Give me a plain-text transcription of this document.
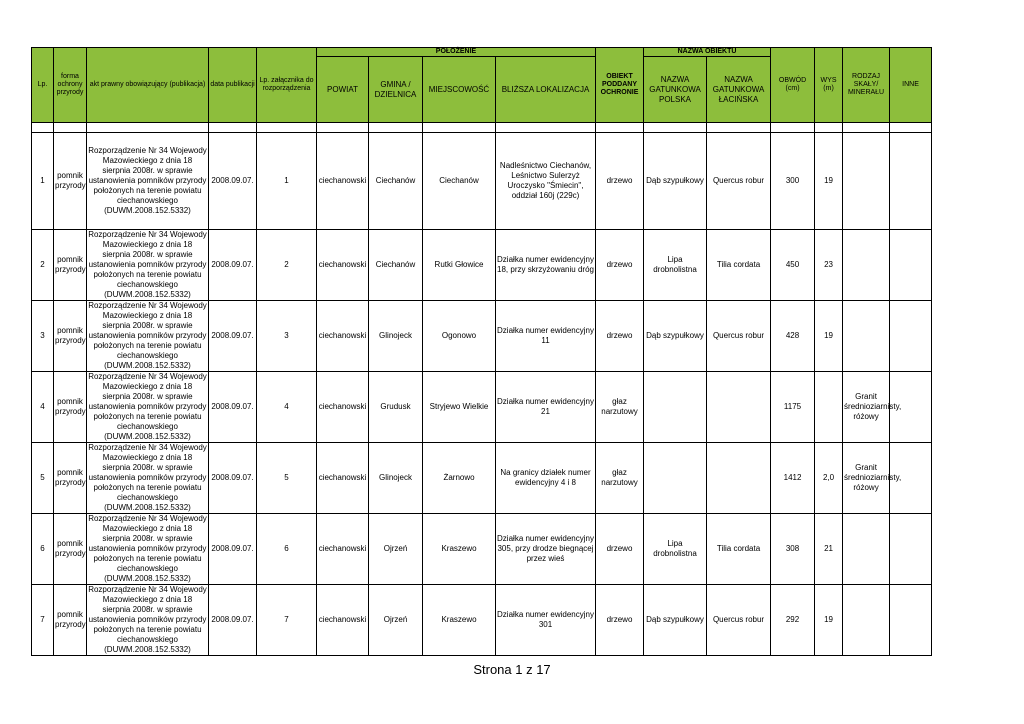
Lp.	forma ochrony przyrody	akt prawny obowiązujący (publikacja)	data publikacji	Lp. załącznika do rozporządzenia	POŁOŻENIE				OBIEKT PODDANY OCHRONIE	NAZWA OBIEKTU		OBWÓD (cm)	WYS (m)	RODZAJ SKAŁY/ MINERAŁU	INNE
					POWIAT	GMINA / DZIELNICA	MIEJSCOWOŚĆ	BLIŻSZA LOKALIZACJA		NAZWA GATUNKOWA POLSKA	NAZWA GATUNKOWA ŁACIŃSKA				

1	pomnik przyrody	Rozporządzenie Nr 34 Wojewody Mazowieckiego z dnia 18 sierpnia 2008r. w sprawie ustanowienia pomników przyrody położonych na terenie powiatu ciechanowskiego (DUWM.2008.152.5332)	2008.09.07.	1	ciechanowski	Ciechanów	Ciechanów	Nadleśnictwo Ciechanów, Leśnictwo Sulerzyż Uroczysko "Śmiecin", oddział 160j (229c)	drzewo	Dąb szypułkowy	Quercus robur	300	19		
2	pomnik przyrody	Rozporządzenie Nr 34 Wojewody Mazowieckiego z dnia 18 sierpnia 2008r. w sprawie ustanowienia pomników przyrody położonych na terenie powiatu ciechanowskiego (DUWM.2008.152.5332)	2008.09.07.	2	ciechanowski	Ciechanów	Rutki Głowice	Działka numer ewidencyjny 18, przy skrzyżowaniu dróg	drzewo	Lipa drobnolistna	Tilia cordata	450	23		
3	pomnik przyrody	Rozporządzenie Nr 34 Wojewody Mazowieckiego z dnia 18 sierpnia 2008r. w sprawie ustanowienia pomników przyrody położonych na terenie powiatu ciechanowskiego (DUWM.2008.152.5332)	2008.09.07.	3	ciechanowski	Glinojeck	Ogonowo	Działka numer ewidencyjny 11	drzewo	Dąb szypułkowy	Quercus robur	428	19		
4	pomnik przyrody	Rozporządzenie Nr 34 Wojewody Mazowieckiego z dnia 18 sierpnia 2008r. w sprawie ustanowienia pomników przyrody położonych na terenie powiatu ciechanowskiego (DUWM.2008.152.5332)	2008.09.07.	4	ciechanowski	Grudusk	Stryjewo Wielkie	Działka numer ewidencyjny 21	głaz narzutowy			1175		Granit średnioziarnisty, różowy	
5	pomnik przyrody	Rozporządzenie Nr 34 Wojewody Mazowieckiego z dnia 18 sierpnia 2008r. w sprawie ustanowienia pomników przyrody położonych na terenie powiatu ciechanowskiego (DUWM.2008.152.5332)	2008.09.07.	5	ciechanowski	Glinojeck	Żarnowo	Na granicy działek numer ewidencyjny 4 i 8	głaz narzutowy			1412	2,0	Granit średnioziarnisty, różowy	
6	pomnik przyrody	Rozporządzenie Nr 34 Wojewody Mazowieckiego z dnia 18 sierpnia 2008r. w sprawie ustanowienia pomników przyrody położonych na terenie powiatu ciechanowskiego (DUWM.2008.152.5332)	2008.09.07.	6	ciechanowski	Ojrzeń	Kraszewo	Działka numer ewidencyjny 305, przy drodze biegnącej przez wieś	drzewo	Lipa drobnolistna	Tilia cordata	308	21		
7	pomnik przyrody	Rozporządzenie Nr 34 Wojewody Mazowieckiego z dnia 18 sierpnia 2008r. w sprawie ustanowienia pomników przyrody położonych na terenie powiatu ciechanowskiego (DUWM.2008.152.5332)	2008.09.07.	7	ciechanowski	Ojrzeń	Kraszewo	Działka numer ewidencyjny 301	drzewo	Dąb szypułkowy	Quercus robur	292	19		
Strona 1 z 17
